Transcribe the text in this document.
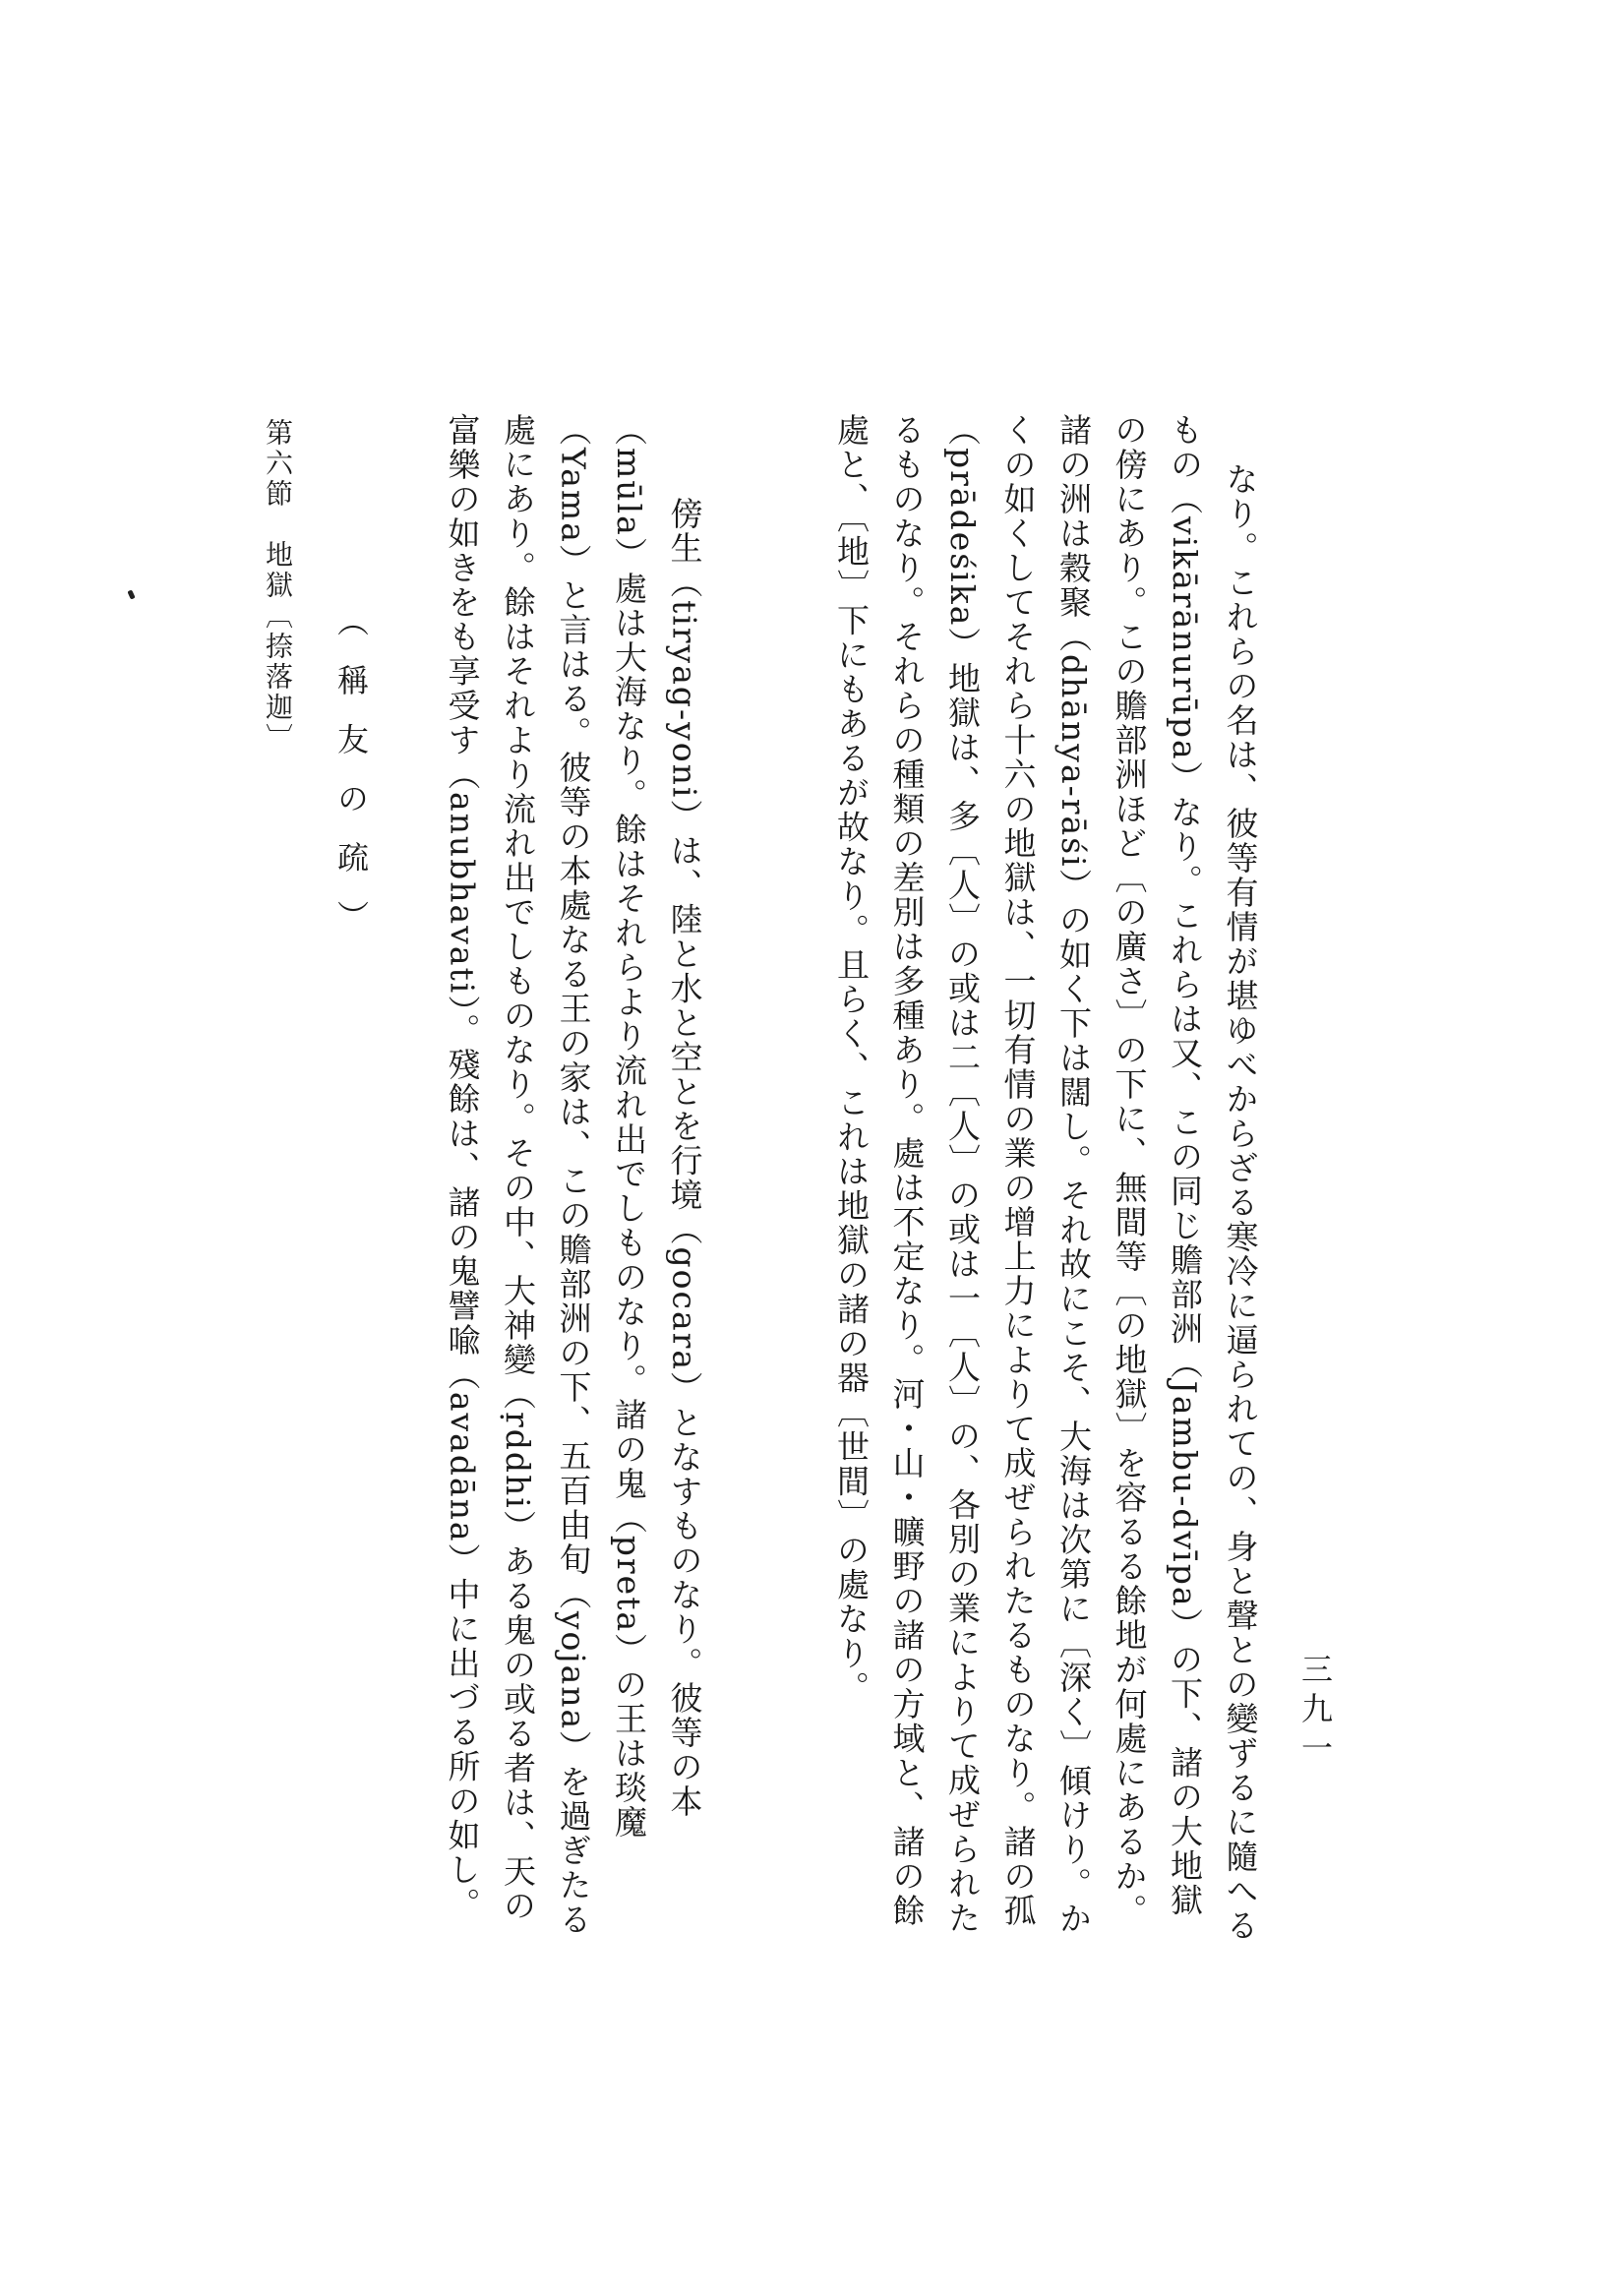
なり。これらの名は、彼等有情が堪ゆべからざる寒冷に逼られての、身と聲との變ずるに隨へるもの（vikārānurūpa）なり。これらは又、この同じ贍部洲（Jambu-dvīpa）の下、諸の大地獄の傍にあり。この贍部洲ほど〔の廣さ〕の下に、無間等〔の地獄〕を容るる餘地が何處にあるか。諸の洲は穀聚（dhānya-rāśi）の如く下は闊し。それ故にこそ、大海は次第に〔深く〕傾けり。かくの如くしてそれら十六の地獄は、一切有情の業の增上力によりて成ぜられたるものなり。諸の孤（prādeśika）地獄は、多〔人〕の或は二〔人〕の或は一〔人〕の、各別の業によりて成ぜられたるものなり。それらの種類の差別は多種あり。處は不定なり。河・山・曠野の諸の方域と、諸の餘處と、〔地〕下にもあるが故なり。且らく、これは地獄の諸の器〔世間〕の處なり。

　傍生（tiryag-yoni）は、陸と水と空とを行境（gocara）となすものなり。彼等の本（mūla）處は大海なり。餘はそれらより流れ出でしものなり。諸の鬼（preta）の王は琰魔（Yama）と言はる。彼等の本處なる王の家は、この贍部洲の下、五百由旬（yojana）を過ぎたる處にあり。餘はそれより流れ出でしものなり。その中、大神變（ṛddhi）ある鬼の或る者は、天の富樂の如きをも享受す（anubhavati）。殘餘は、諸の鬼譬喩（avadāna）中に出づる所の如し。
	三九一
第六節　地獄〔捺落迦〕
（稱友の疏）
